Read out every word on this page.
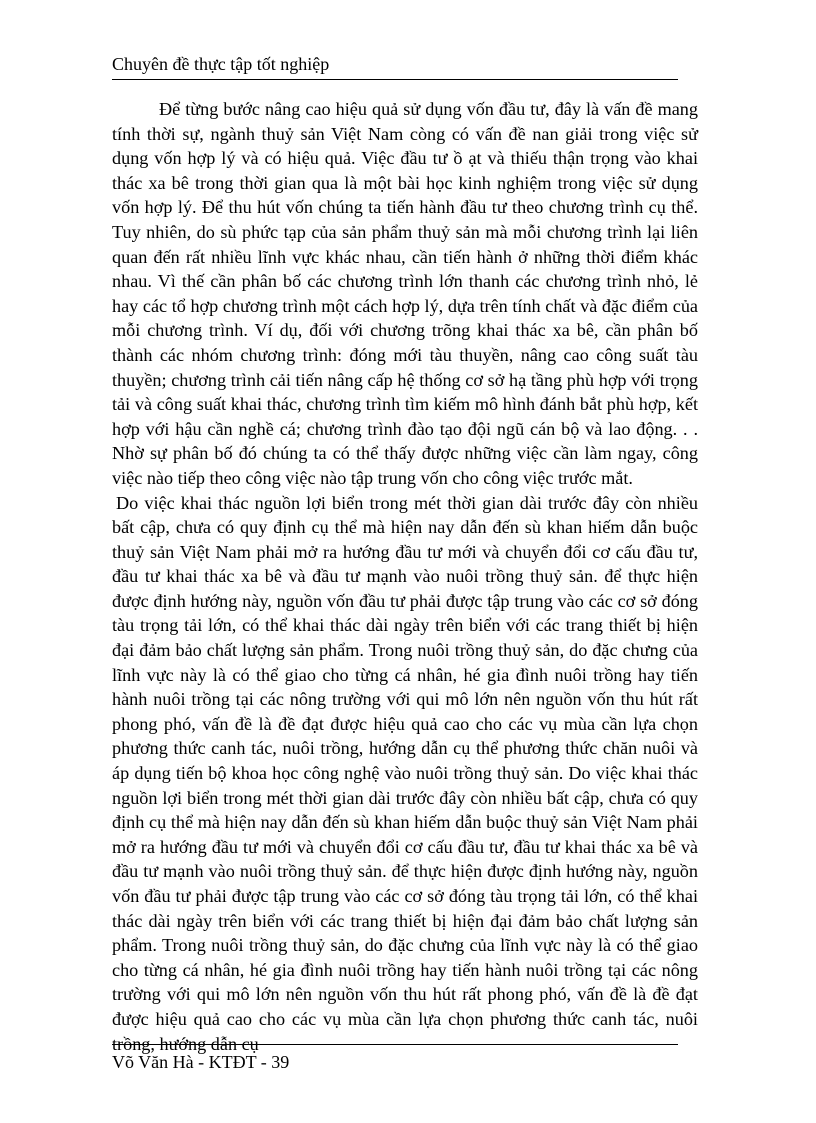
Chuyên đề thực tập tốt nghiệp

Để từng bước nâng cao hiệu quả sử dụng vốn đầu tư, đây là vấn đề mang tính thời sự, ngành thuỷ sản Việt Nam còng có vấn đề nan giải trong việc sử dụng vốn hợp lý và có hiệu quả. Việc đầu tư ồ ạt và thiếu thận trọng vào khai thác xa bê trong thời gian qua là một bài học kinh nghiệm trong việc sử dụng vốn hợp lý. Để thu hút vốn chúng ta tiến hành đầu tư theo chương trình cụ thể. Tuy nhiên, do sù phức tạp của sản phẩm thuỷ sản mà mỗi chương trình lại liên quan đến rất nhiều lĩnh vực khác nhau, cần tiến hành ở những thời điểm khác nhau. Vì thế cần phân bố các chương trình lớn thanh các chương trình nhỏ, lẻ hay các tổ hợp chương trình một cách hợp lý, dựa trên tính chất và đặc điểm của mỗi chương trình. Ví dụ, đối với chương trõng khai thác xa bê, cần phân bố thành các nhóm chương trình: đóng mới tàu thuyền, nâng cao công suất tàu thuyền; chương trình cải tiến nâng cấp hệ thống cơ sở hạ tầng phù hợp với trọng tải và công suất khai thác, chương trình tìm kiếm mô hình đánh bắt phù hợp, kết hợp với hậu cần nghề cá; chương trình đào tạo đội ngũ cán bộ và lao động. . . Nhờ sự phân bố đó chúng ta có thể thấy được những việc cần làm ngay, công việc nào tiếp theo công việc nào tập trung vốn cho công việc trước mắt.

Do việc khai thác nguồn lợi biển trong mét thời gian dài trước đây còn nhiều bất cập, chưa có quy định cụ thể mà hiện nay dẫn đến sù khan hiếm dẫn buộc thuỷ sản Việt Nam phải mở ra hướng đầu tư mới và chuyển đổi cơ cấu đầu tư, đầu tư khai thác xa bê và đầu tư mạnh vào nuôi trồng thuỷ sản. để thực hiện được định hướng này, nguồn vốn đầu tư phải được tập trung vào các cơ sở đóng tàu trọng tải lớn, có thể khai thác dài ngày trên biển với các trang thiết bị hiện đại đảm bảo chất lượng sản phẩm. Trong nuôi trồng thuỷ sản, do đặc chưng của lĩnh vực này là có thể giao cho từng cá nhân, hé gia đình nuôi trồng hay tiến hành nuôi trồng tại các nông trường với qui mô lớn nên nguồn vốn thu hút rất phong phó, vấn đề là đề đạt được hiệu quả cao cho các vụ mùa cần lựa chọn phương thức canh tác, nuôi trồng, hướng dẫn cụ thể phương thức chăn nuôi và áp dụng tiến bộ khoa học công nghệ vào nuôi trồng thuỷ sản. Do việc khai thác nguồn lợi biển trong mét thời gian dài trước đây còn nhiều bất cập, chưa có quy định cụ thể mà hiện nay dẫn đến sù khan hiếm dẫn buộc thuỷ sản Việt Nam phải mở ra hướng đầu tư mới và chuyển đổi cơ cấu đầu tư, đầu tư khai thác xa bê và đầu tư mạnh vào nuôi trồng thuỷ sản. để thực hiện được định hướng này, nguồn vốn đầu tư phải được tập trung vào các cơ sở đóng tàu trọng tải lớn, có thể khai thác dài ngày trên biển với các trang thiết bị hiện đại đảm bảo chất lượng sản phẩm. Trong nuôi trồng thuỷ sản, do đặc chưng của lĩnh vực này là có thể giao cho từng cá nhân, hé gia đình nuôi trồng hay tiến hành nuôi trồng tại các nông trường với qui mô lớn nên nguồn vốn thu hút rất phong phó, vấn đề là đề đạt được hiệu quả cao cho các vụ mùa cần lựa chọn phương thức canh tác, nuôi trồng, hướng dẫn cụ

Võ Văn Hà - KTĐT - 39
